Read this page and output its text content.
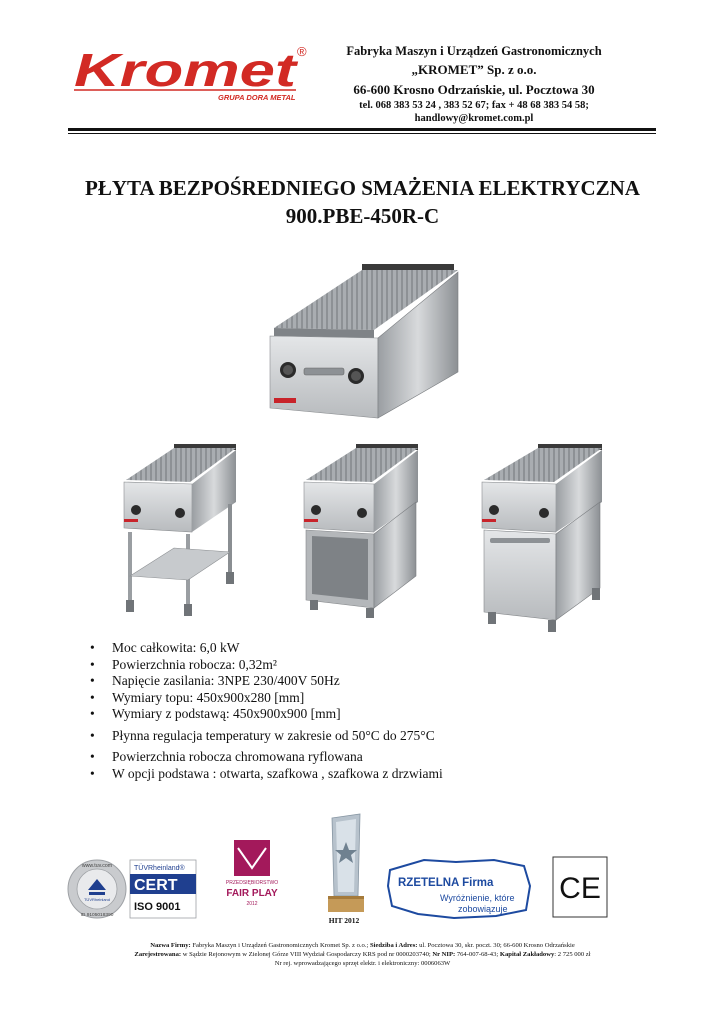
Kromet
GRUPA DORA METAL
®	Fabryka Maszyn i Urządzeń Gastronomicznych
„KROMET” Sp. z o.o.
66-600 Krosno Odrzańskie, ul. Pocztowa 30
tel. 068 383 53 24 , 383 52 67; fax + 48 68 383 54 58;
handlowy@kromet.com.pl
PŁYTA BEZPOŚREDNIEGO SMAŻENIA ELEKTRYCZNA
900.PBE-450R-C
• Moc całkowita: 6,0 kW
• Powierzchnia robocza: 0,32m²
• Napięcie zasilania: 3NPE 230/400V 50Hz
• Wymiary topu: 450x900x280 [mm]
• Wymiary z podstawą: 450x900x900 [mm]
• Płynna regulacja temperatury w zakresie od 50°C do 275°C
• Powierzchnia robocza chromowana ryflowana
• W opcji podstawa : otwarta, szafkowa , szafkowa z drzwiami
www.tuv.com
ID 9105018390
TÜVRheinland
TÜVRheinland®
CERT
ISO 9001
PRZEDSIĘBIORSTWO
FAIR PLAY
2012
HIT 2012
RZETELNA Firma
Wyróżnienie, które
zobowiązuje
CE
Nazwa Firmy: Fabryka Maszyn i Urządzeń Gastronomicznych Kromet Sp. z o.o.; Siedziba i Adres: ul. Pocztowa 30, skr. poczt. 30; 66-600 Krosno Odrzańskie
Zarejestrowana: w Sądzie Rejonowym w Zielonej Górze VIII Wydział Gospodarczy KRS pod nr 0000203740; Nr NIP: 764-007-68-43; Kapitał Zakładowy: 2 725 000 zł
Nr rej. wprowadzającego sprzęt elektr. i elektroniczny: 0006063W
